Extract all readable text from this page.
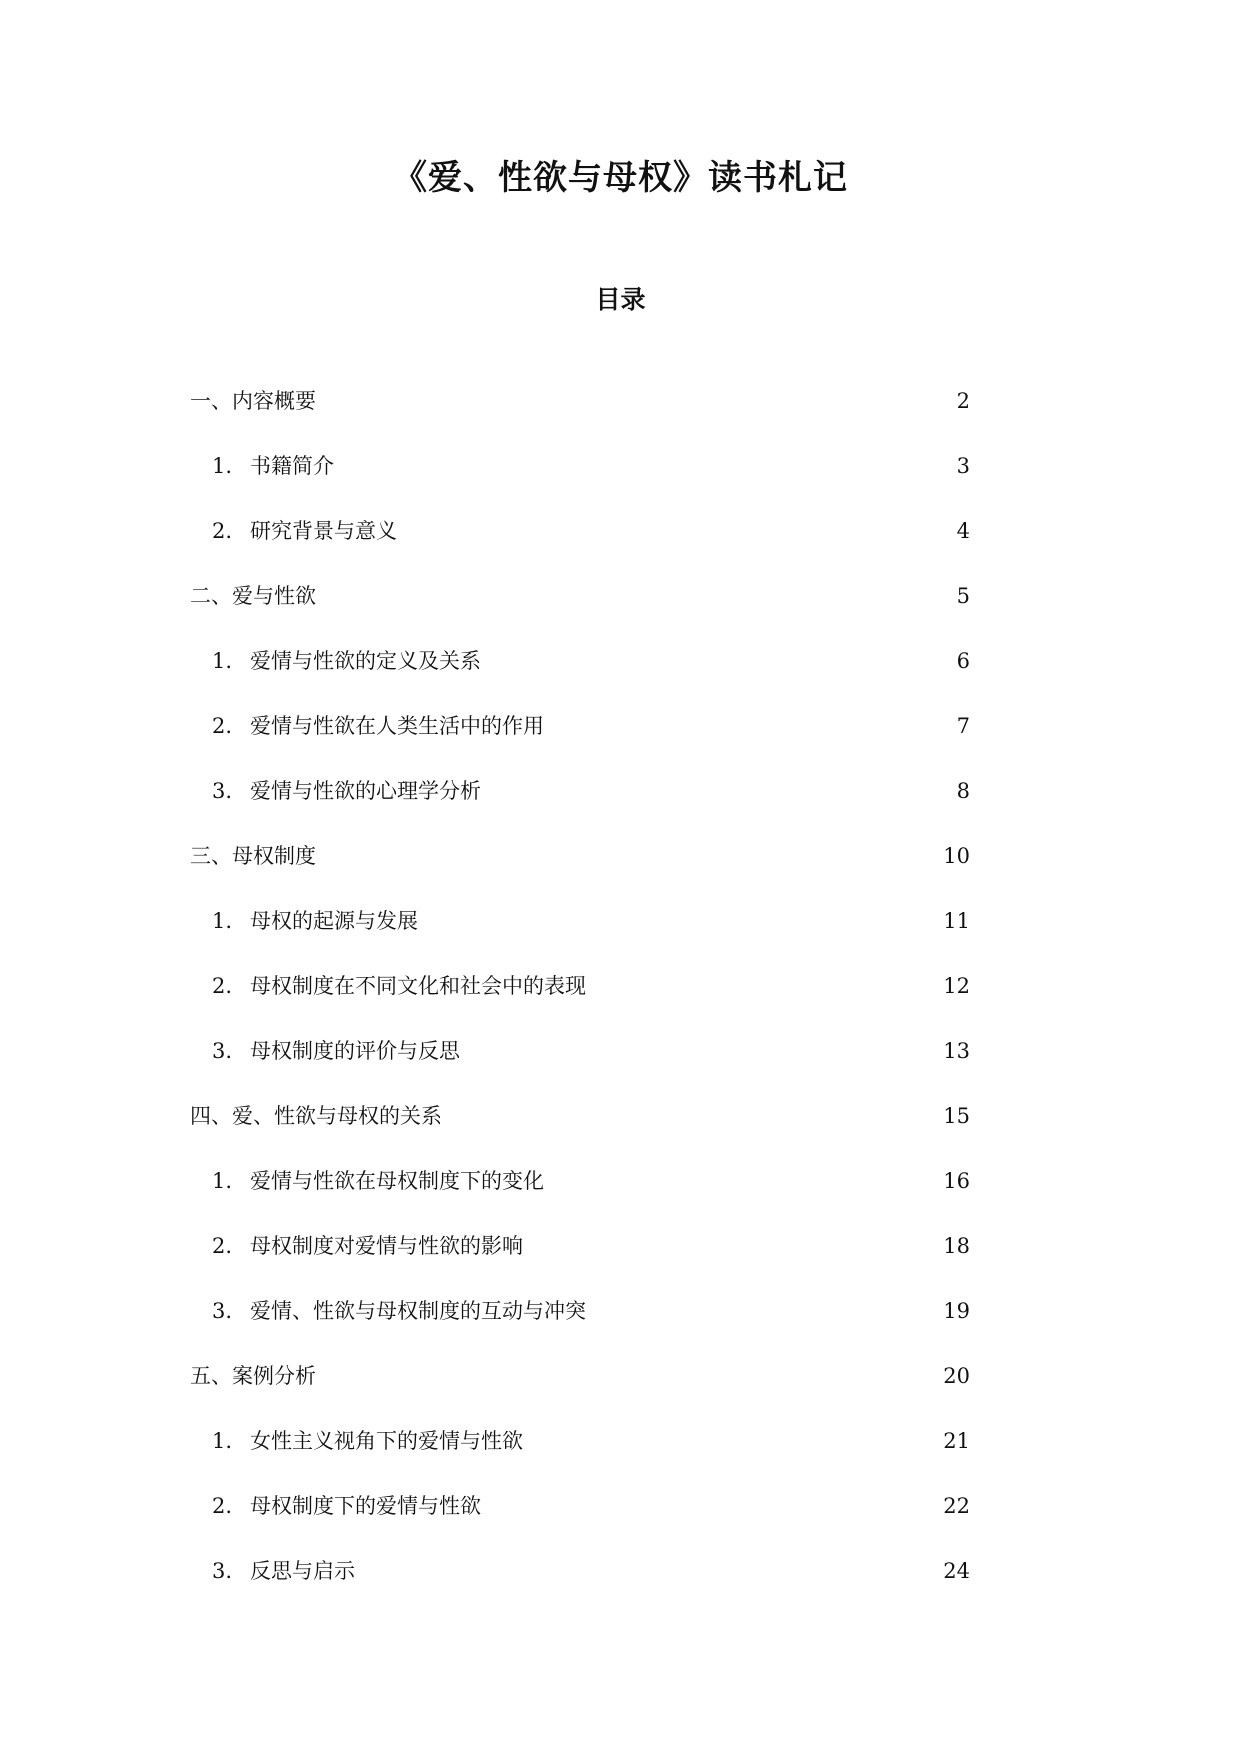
《爱、性欲与母权》读书札记
目录
一、内容概要 . . .	2
1. 书籍简介 . . .	3
2. 研究背景与意义 . . .	4
二、爱与性欲 . . .	5
1. 爱情与性欲的定义及关系 . . .	6
2. 爱情与性欲在人类生活中的作用 . . .	7
3. 爱情与性欲的心理学分析 . . .	8
三、母权制度 . . .	10
1. 母权的起源与发展 . . .	11
2. 母权制度在不同文化和社会中的表现 . . .	12
3. 母权制度的评价与反思 . . .	13
四、爱、性欲与母权的关系 . . .	15
1. 爱情与性欲在母权制度下的变化 . . .	16
2. 母权制度对爱情与性欲的影响 . . .	18
3. 爱情、性欲与母权制度的互动与冲突 . . .	19
五、案例分析 . . .	20
1. 女性主义视角下的爱情与性欲 . . .	21
2. 母权制度下的爱情与性欲 . . .	22
3. 反思与启示 . . .	24
